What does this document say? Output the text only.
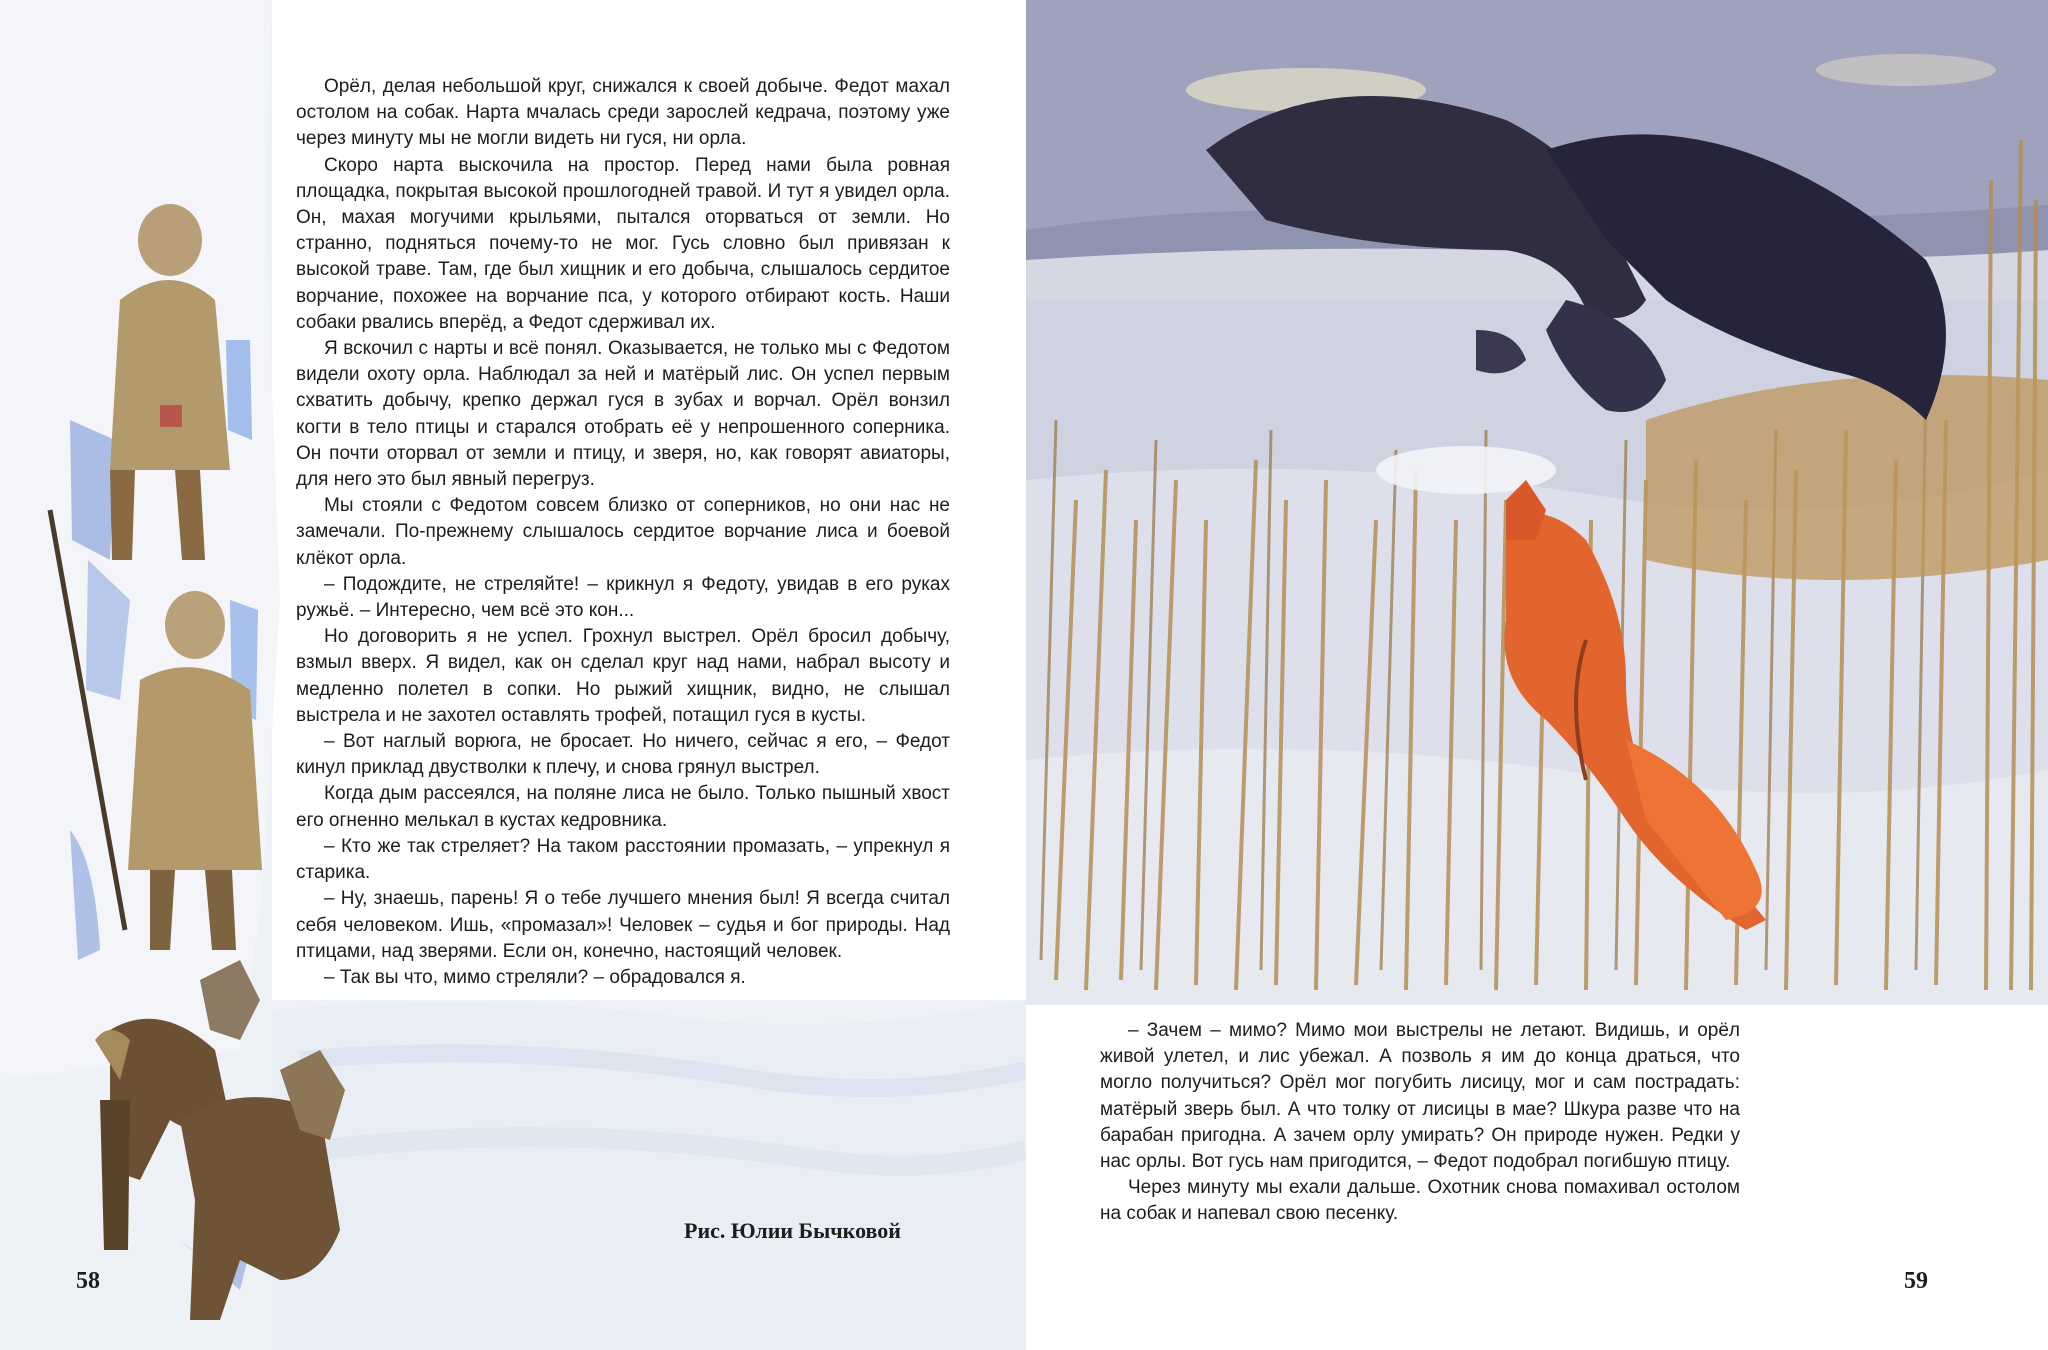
Орёл, делая небольшой круг, снижался к своей добыче. Федот махал остолом на собак. Нарта мчалась среди зарослей кедрача, поэтому уже через минуту мы не могли видеть ни гуся, ни орла.

Скоро нарта выскочила на простор. Перед нами была ровная площадка, покрытая высокой прошлогодней травой. И тут я увидел орла. Он, махая могучими крыльями, пытался оторваться от земли. Но странно, подняться почему-то не мог. Гусь словно был привязан к высокой траве. Там, где был хищник и его добыча, слышалось сердитое ворчание, похожее на ворчание пса, у которого отбирают кость. Наши собаки рвались вперёд, а Федот сдерживал их.

Я вскочил с нарты и всё понял. Оказывается, не только мы с Федотом видели охоту орла. Наблюдал за ней и матёрый лис. Он успел первым схватить добычу, крепко держал гуся в зубах и ворчал. Орёл вонзил когти в тело птицы и старался отобрать её у непрошенного соперника. Он почти оторвал от земли и птицу, и зверя, но, как говорят авиаторы, для него это был явный перегруз.

Мы стояли с Федотом совсем близко от соперников, но они нас не замечали. По-прежнему слышалось сердитое ворчание лиса и боевой клёкот орла.

– Подождите, не стреляйте! – крикнул я Федоту, увидав в его руках ружьё. – Интересно, чем всё это кон...

Но договорить я не успел. Грохнул выстрел. Орёл бросил добычу, взмыл вверх. Я видел, как он сделал круг над нами, набрал высоту и медленно полетел в сопки. Но рыжий хищник, видно, не слышал выстрела и не захотел оставлять трофей, потащил гуся в кусты.

– Вот наглый ворюга, не бросает. Но ничего, сейчас я его, – Федот кинул приклад двустволки к плечу, и снова грянул выстрел.

Когда дым рассеялся, на поляне лиса не было. Только пышный хвост его огненно мелькал в кустах кедровника.

– Кто же так стреляет? На таком расстоянии промазать, – упрекнул я старика.

– Ну, знаешь, парень! Я о тебе лучшего мнения был! Я всегда считал себя человеком. Ишь, «промазал»! Человек – судья и бог природы. Над птицами, над зверями. Если он, конечно, настоящий человек.

– Так вы что, мимо стреляли? – обрадовался я.

Рис. Юлии Бычковой
58

– Зачем – мимо? Мимо мои выстрелы не летают. Видишь, и орёл живой улетел, и лис убежал. А позволь я им до конца драться, что могло получиться? Орёл мог погубить лисицу, мог и сам пострадать: матёрый зверь был. А что толку от лисицы в мае? Шкура разве что на барабан пригодна. А зачем орлу умирать? Он природе нужен. Редки у нас орлы. Вот гусь нам пригодится, – Федот подобрал погибшую птицу.

Через минуту мы ехали дальше. Охотник снова помахивал остолом на собак и напевал свою песенку.

59
